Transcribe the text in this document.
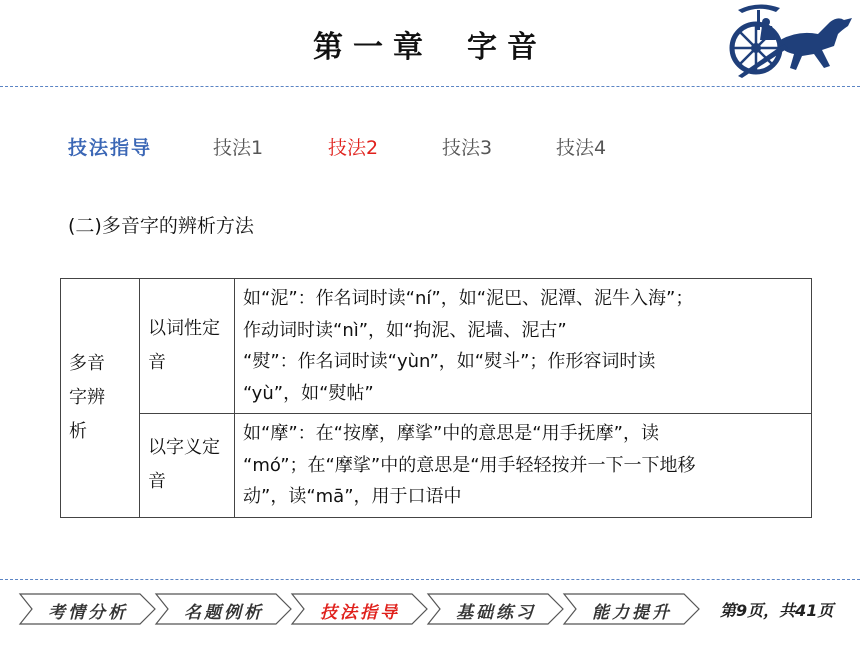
第一章 字音
技法指导	技法1	技法2	技法3	技法4
(二)多音字的辨析方法
多音字辨析	以词性定音	如“泥”：作名词时读“ní”，如“泥巴、泥潭、泥牛入海”；

作动词时读“nì”，如“拘泥、泥墙、泥古”

“熨”：作名词时读“yùn”，如“熨斗”；作形容词时读

“yù”，如“熨帖”

	以字义定音	如“摩”：在“按摩，摩挲”中的意思是“用手抚摩”，读

“mó”；在“摩挲”中的意思是“用手轻轻按并一下一下地移

动”，读“mā”，用于口语中

考情分析	名题例析	技法指导	基础练习	能力提升	第9页，共41页
